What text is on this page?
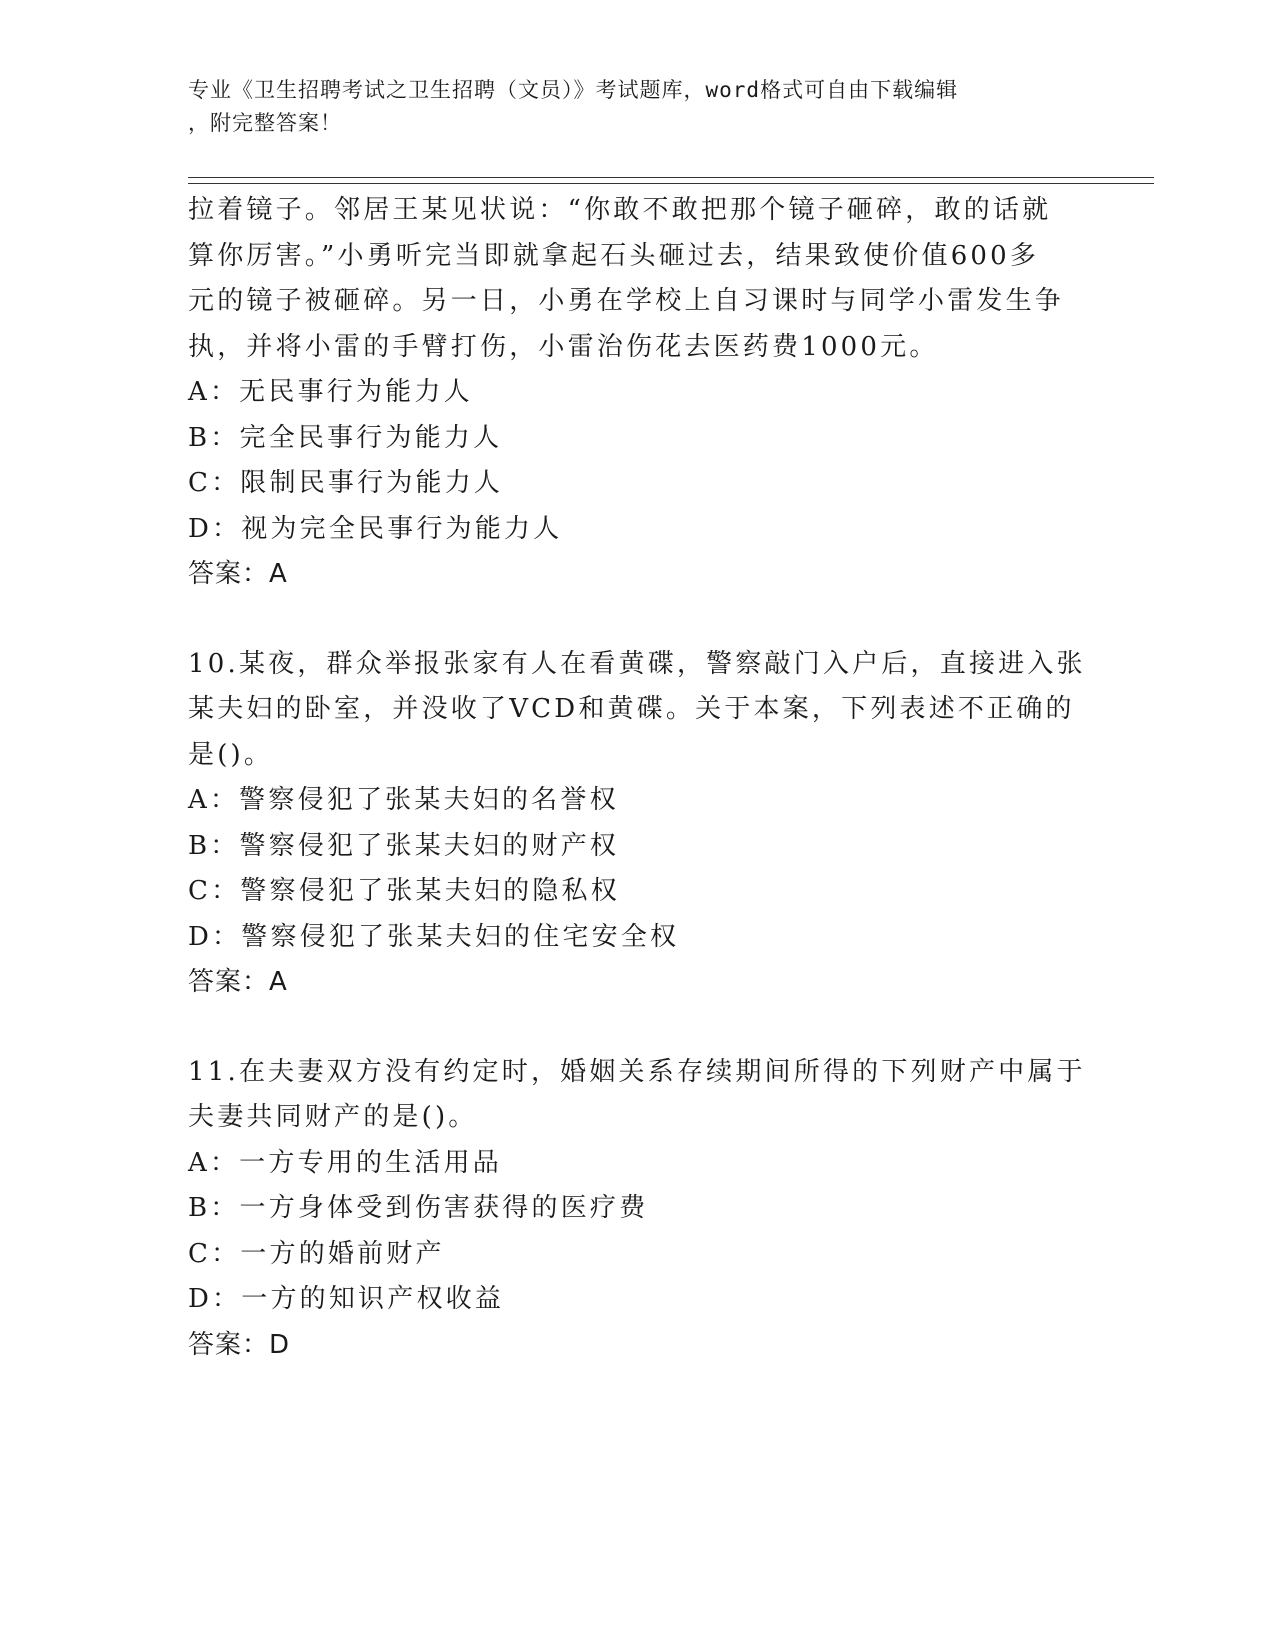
专业《卫生招聘考试之卫生招聘（文员）》考试题库，word格式可自由下载编辑
，附完整答案！
拉着镜子。邻居王某见状说：“你敢不敢把那个镜子砸碎，敢的话就
算你厉害。”小勇听完当即就拿起石头砸过去，结果致使价值600多
元的镜子被砸碎。另一日，小勇在学校上自习课时与同学小雷发生争
执，并将小雷的手臂打伤，小雷治伤花去医药费1000元。
A：无民事行为能力人
B：完全民事行为能力人
C：限制民事行为能力人
D：视为完全民事行为能力人
答案：A
10.某夜，群众举报张家有人在看黄碟，警察敲门入户后，直接进入张
某夫妇的卧室，并没收了VCD和黄碟。关于本案，下列表述不正确的
是()。
A：警察侵犯了张某夫妇的名誉权
B：警察侵犯了张某夫妇的财产权
C：警察侵犯了张某夫妇的隐私权
D：警察侵犯了张某夫妇的住宅安全权
答案：A
11.在夫妻双方没有约定时，婚姻关系存续期间所得的下列财产中属于
夫妻共同财产的是()。
A：一方专用的生活用品
B：一方身体受到伤害获得的医疗费
C：一方的婚前财产
D：一方的知识产权收益
答案：D
